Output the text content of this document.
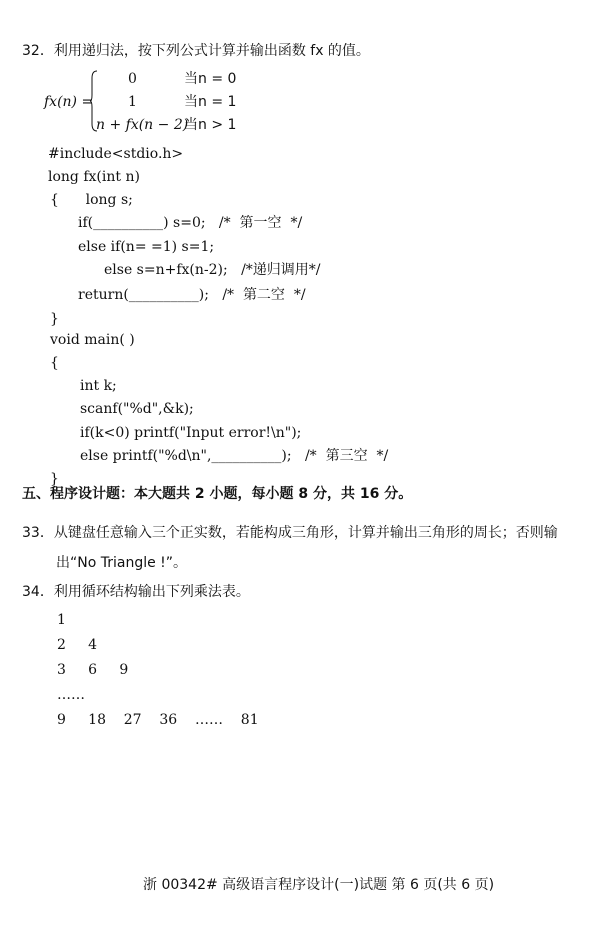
32．利用递归法，按下列公式计算并输出函数 fx 的值。
fx(n) =
0	当n = 0
1	当n = 1
n + fx(n − 2)
当n > 1
#include<stdio.h>
long fx(int n)
{      long s;
if(__________) s=0;   /*  第一空  */
else if(n= =1) s=1;
else s=n+fx(n-2);   /*递归调用*/
return(__________);   /*  第二空  */
}
void main( )
{
int k;
scanf("%d",&k);
if(k<0) printf("Input error!\n");
else printf("%d\n",__________);   /*  第三空  */
}
五、程序设计题：本大题共 2 小题，每小题 8 分，共 16 分。
33．从键盘任意输入三个正实数，若能构成三角形，计算并输出三角形的周长；否则输
出“No Triangle !”。
34．利用循环结构输出下列乘法表。
1
2     4
3     6     9
……
9     18    27    36    ……    81
浙 00342# 高级语言程序设计(一)试题 第 6 页(共 6 页)
